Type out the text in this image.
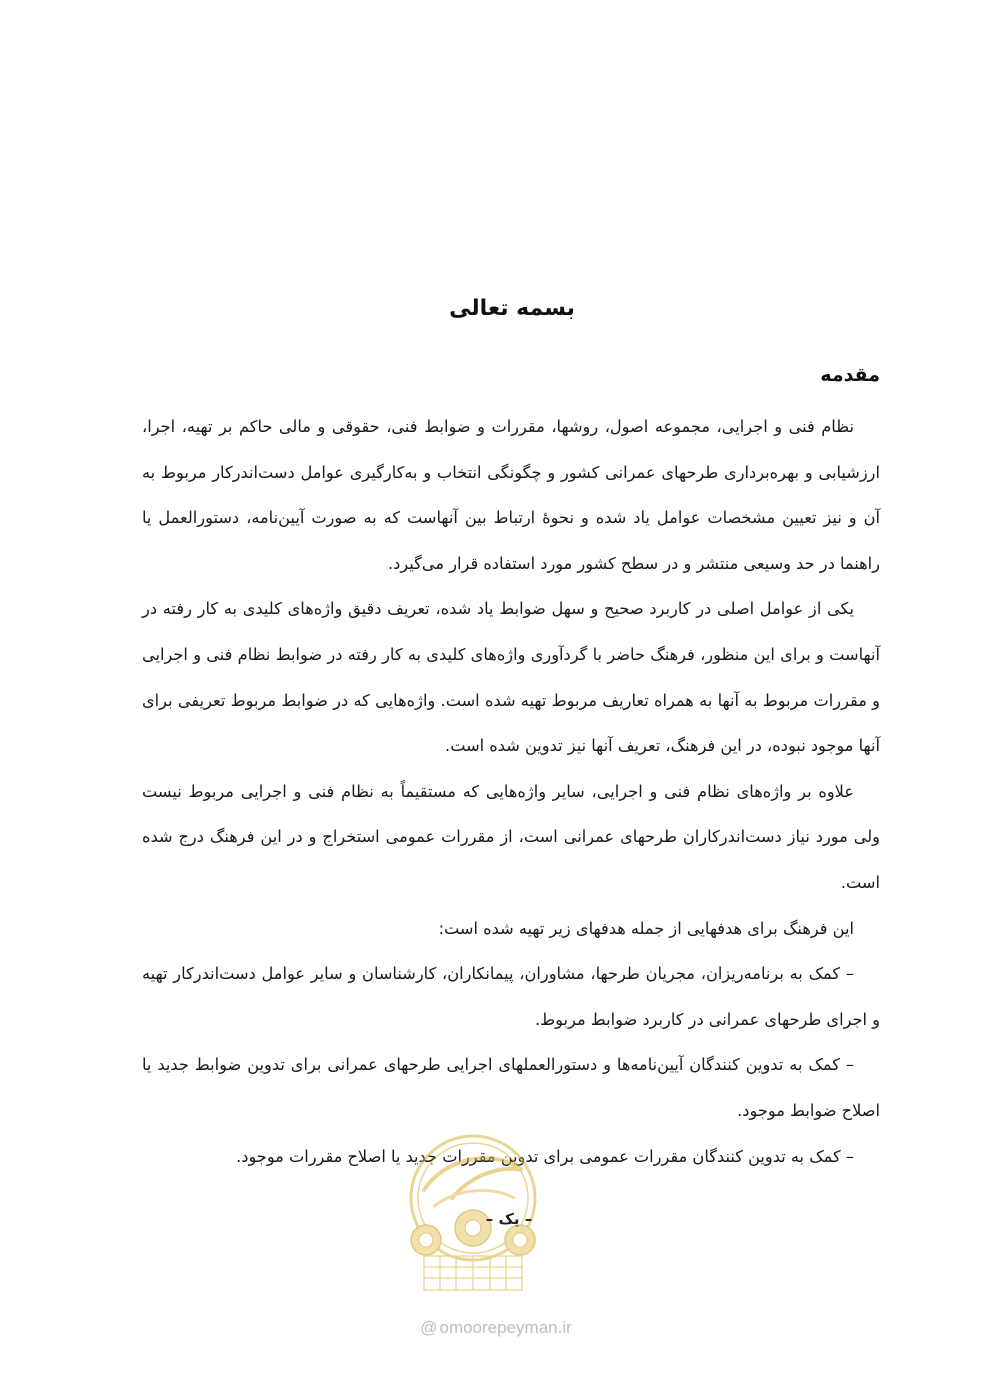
بسمه تعالی
مقدمه

نظام فنی و اجرایی، مجموعه اصول، روشها، مقررات و ضوابط فنی، حقوقی و مالی حاکم بر تهیه، اجرا، ارزشیابی و بهره‌برداری طرحهای عمرانی کشور و چگونگی انتخاب و به‌کارگیری عوامل دست‌اندرکار مربوط به آن و نیز تعیین مشخصات عوامل یاد شده و نحوهٔ ارتباط بین آنهاست که به صورت آیین‌نامه، دستورالعمل یا راهنما در حد وسیعی منتشر و در سطح کشور مورد استفاده قرار می‌گیرد.

یکی از عوامل اصلی در کاربرد صحیح و سهل ضوابط یاد شده، تعریف دقیق واژه‌های کلیدی به کار رفته در آنهاست و برای این منظور، فرهنگ حاضر با گردآوری واژه‌های کلیدی به کار رفته در ضوابط نظام فنی و اجرایی و مقررات مربوط به آنها به همراه تعاریف مربوط تهیه شده است. واژه‌هایی که در ضوابط مربوط تعریفی برای آنها موجود نبوده، در این فرهنگ، تعریف آنها نیز تدوین شده است.

علاوه بر واژه‌های نظام فنی و اجرایی، سایر واژه‌هایی که مستقیماً به نظام فنی و اجرایی مربوط نیست ولی مورد نیاز دست‌اندرکاران طرحهای عمرانی است، از مقررات عمومی استخراج و در این فرهنگ درج شده است.

این فرهنگ برای هدفهایی از جمله هدفهای زیر تهیه شده است:

– کمک به برنامه‌ریزان، مجریان طرحها، مشاوران، پیمانکاران، کارشناسان و سایر عوامل دست‌اندرکار تهیه و اجرای طرحهای عمرانی در کاربرد ضوابط مربوط.

– کمک به تدوین کنندگان آیین‌نامه‌ها و دستورالعملهای اجرایی طرحهای عمرانی برای تدوین ضوابط جدید یا اصلاح ضوابط موجود.

– کمک به تدوین کنندگان مقررات عمومی برای تدوین مقررات جدید یا اصلاح مقررات موجود.

– یک –
@ omoorepeyman.ir
